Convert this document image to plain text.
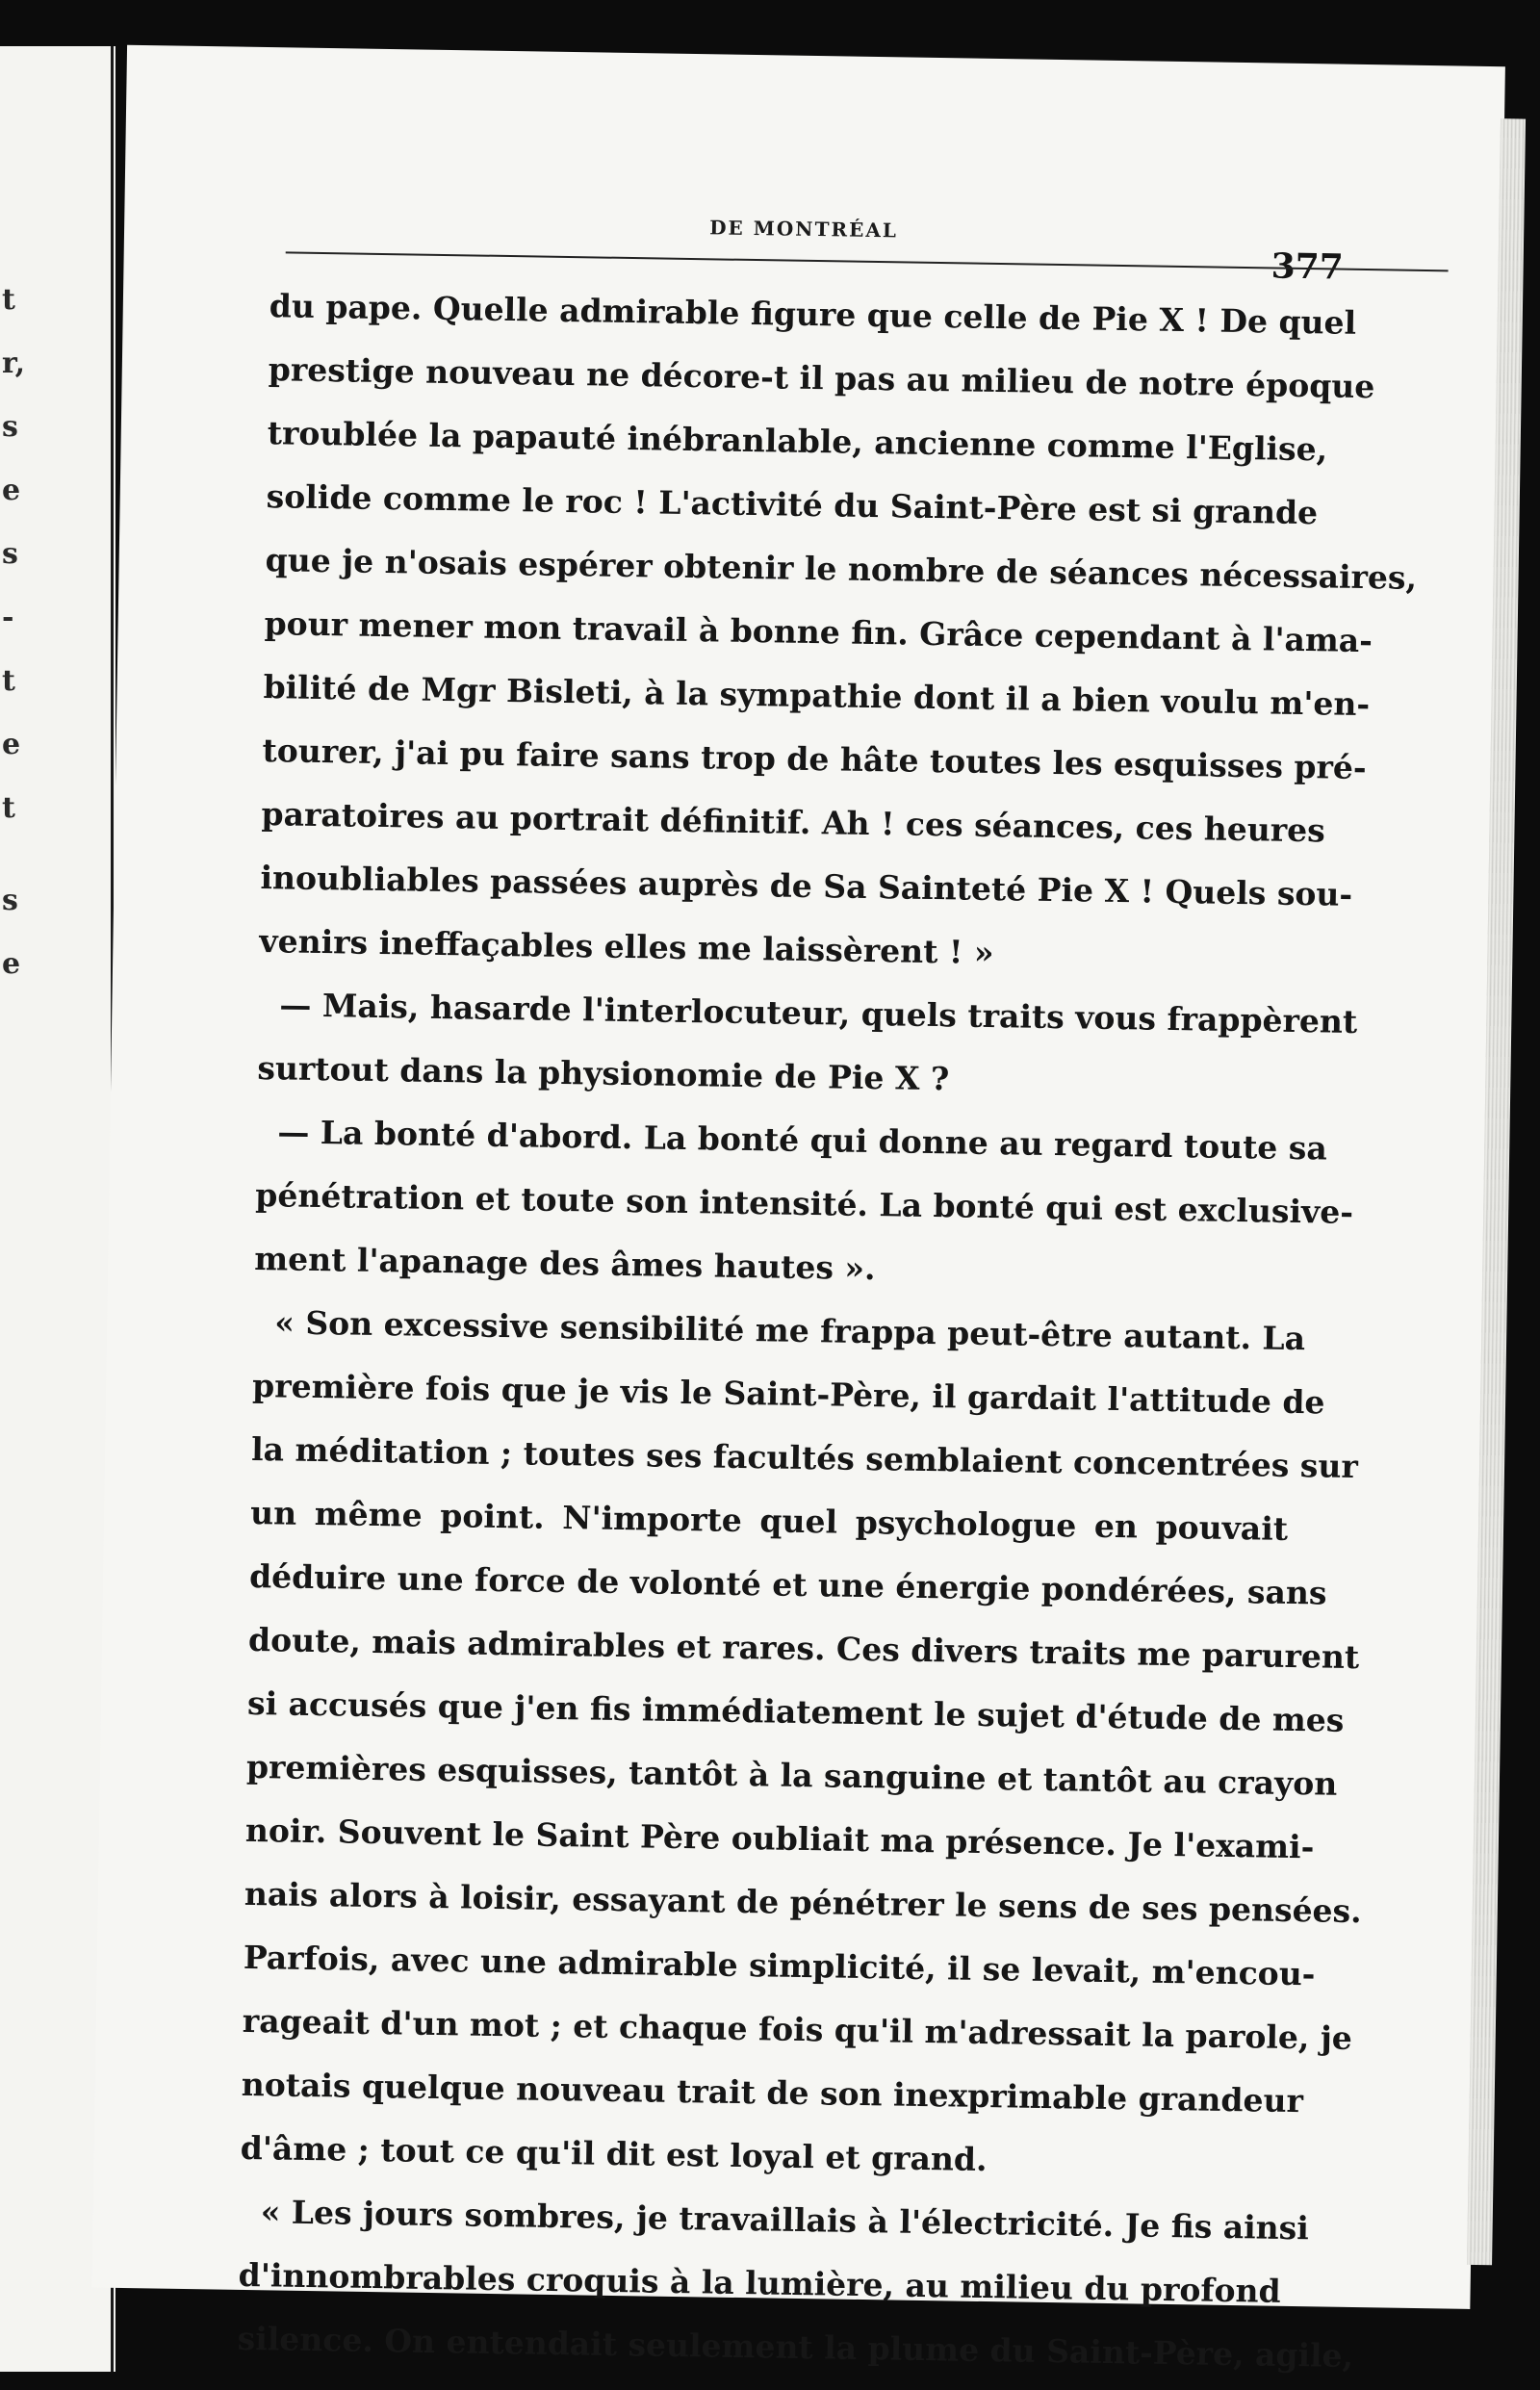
t
r,
s
e
s
-
t
e
t
s
e
DE MONTRÉAL
377
du pape. Quelle admirable figure que celle de Pie X ! De quel
prestige nouveau ne décore-t il pas au milieu de notre époque
troublée la papauté inébranlable, ancienne comme l'Eglise,
solide comme le roc ! L'activité du Saint-Père est si grande
que je n'osais espérer obtenir le nombre de séances nécessaires,
pour mener mon travail à bonne fin. Grâce cependant à l'ama-
bilité de Mgr Bisleti, à la sympathie dont il a bien voulu m'en-
tourer, j'ai pu faire sans trop de hâte toutes les esquisses pré-
paratoires au portrait définitif. Ah ! ces séances, ces heures
inoubliables passées auprès de Sa Sainteté Pie X ! Quels sou-
venirs ineffaçables elles me laissèrent ! »
— Mais, hasarde l'interlocuteur, quels traits vous frappèrent
surtout dans la physionomie de Pie X ?
— La bonté d'abord. La bonté qui donne au regard toute sa
pénétration et toute son intensité. La bonté qui est exclusive-
ment l'apanage des âmes hautes ».
« Son excessive sensibilité me frappa peut-être autant. La
première fois que je vis le Saint-Père, il gardait l'attitude de
la méditation ; toutes ses facultés semblaient concentrées sur
un même point. N'importe quel psychologue en pouvait
déduire une force de volonté et une énergie pondérées, sans
doute, mais admirables et rares. Ces divers traits me parurent
si accusés que j'en fis immédiatement le sujet d'étude de mes
premières esquisses, tantôt à la sanguine et tantôt au crayon
noir. Souvent le Saint Père oubliait ma présence. Je l'exami-
nais alors à loisir, essayant de pénétrer le sens de ses pensées.
Parfois, avec une admirable simplicité, il se levait, m'encou-
rageait d'un mot ; et chaque fois qu'il m'adressait la parole, je
notais quelque nouveau trait de son inexprimable grandeur
d'âme ; tout ce qu'il dit est loyal et grand.
« Les jours sombres, je travaillais à l'électricité. Je fis ainsi
d'innombrables croquis à la lumière, au milieu du profond
silence. On entendait seulement la plume du Saint-Père, agile,
